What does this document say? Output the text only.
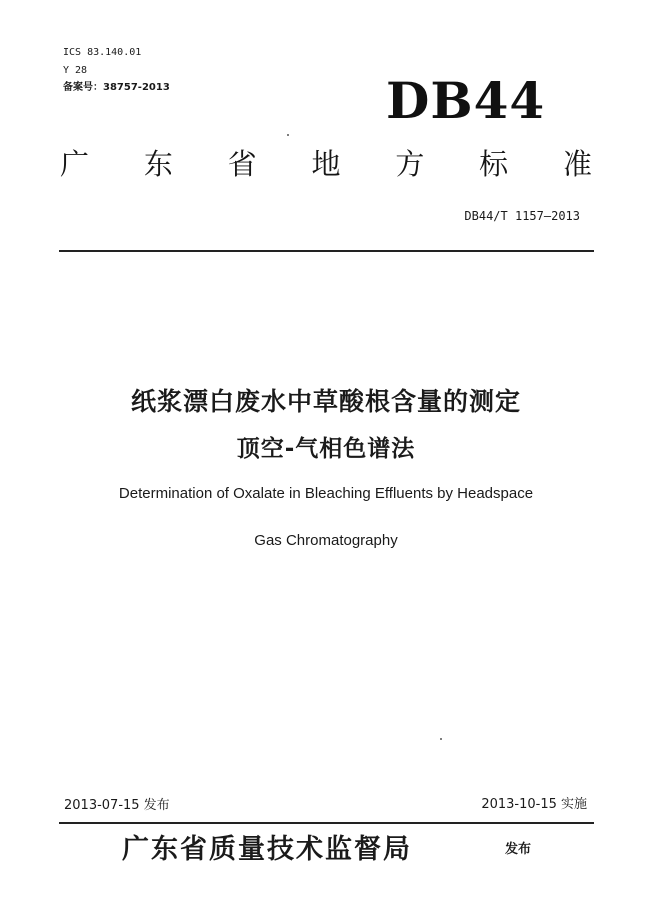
ICS 83.140.01
Y 28
备案号：38757-2013	DB44
广 东 省 地 方 标 准
DB44/T 1157—2013
纸浆漂白废水中草酸根含量的测定
顶空-气相色谱法
Determination of Oxalate in Bleaching Effluents by Headspace
Gas Chromatography
2013-07-15 发布	2013-10-15 实施
广东省质量技术监督局	发布
